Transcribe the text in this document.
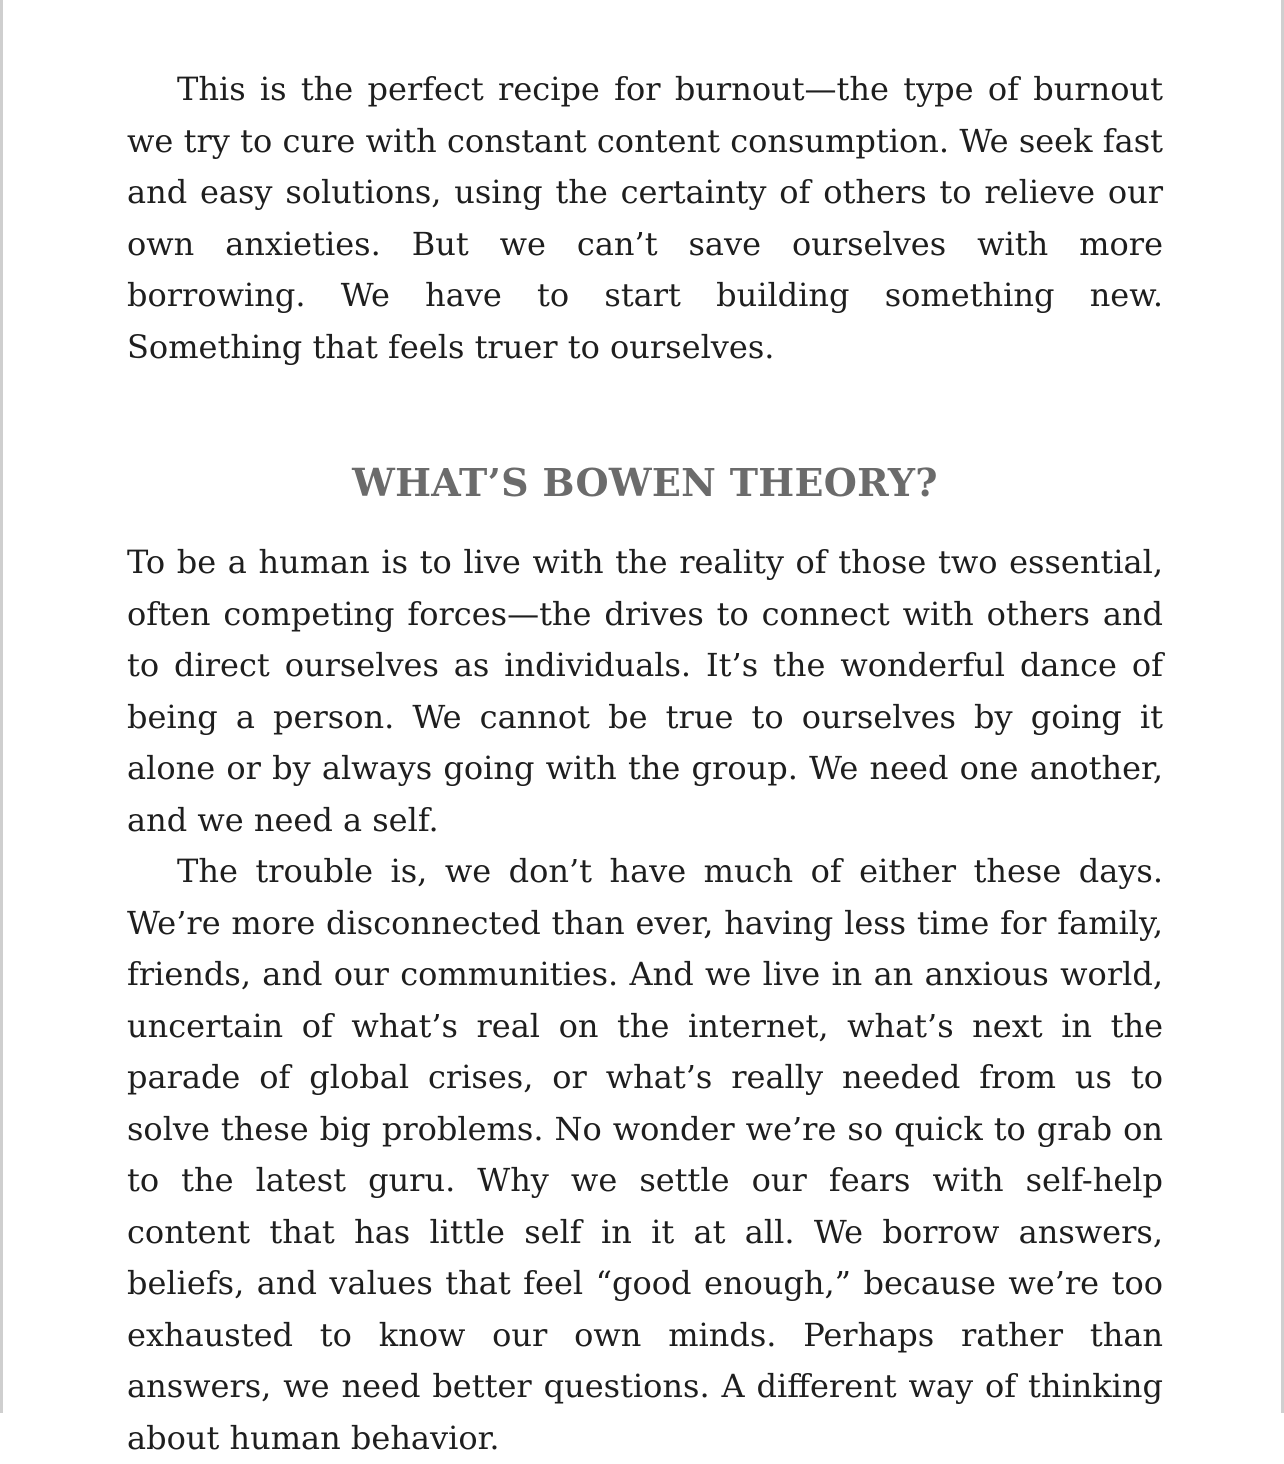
This is the perfect recipe for burnout—the type of burnout we try to cure with constant content consumption. We seek fast and easy solutions, using the certainty of others to relieve our own anxieties. But we can’t save ourselves with more borrowing. We have to start building something new. Something that feels truer to ourselves.

WHAT’S BOWEN THEORY?

To be a human is to live with the reality of those two essential, often competing forces—the drives to connect with others and to direct ourselves as individuals. It’s the wonderful dance of being a person. We cannot be true to ourselves by going it alone or by always going with the group. We need one another, and we need a self.

The trouble is, we don’t have much of either these days. We’re more disconnected than ever, having less time for family, friends, and our communities. And we live in an anxious world, uncertain of what’s real on the internet, what’s next in the parade of global crises, or what’s really needed from us to solve these big problems. No wonder we’re so quick to grab on to the latest guru. Why we settle our fears with self-help content that has little self in it at all. We borrow answers, beliefs, and values that feel “good enough,” because we’re too exhausted to know our own minds. Perhaps rather than answers, we need better questions. A different way of thinking about human behavior.
